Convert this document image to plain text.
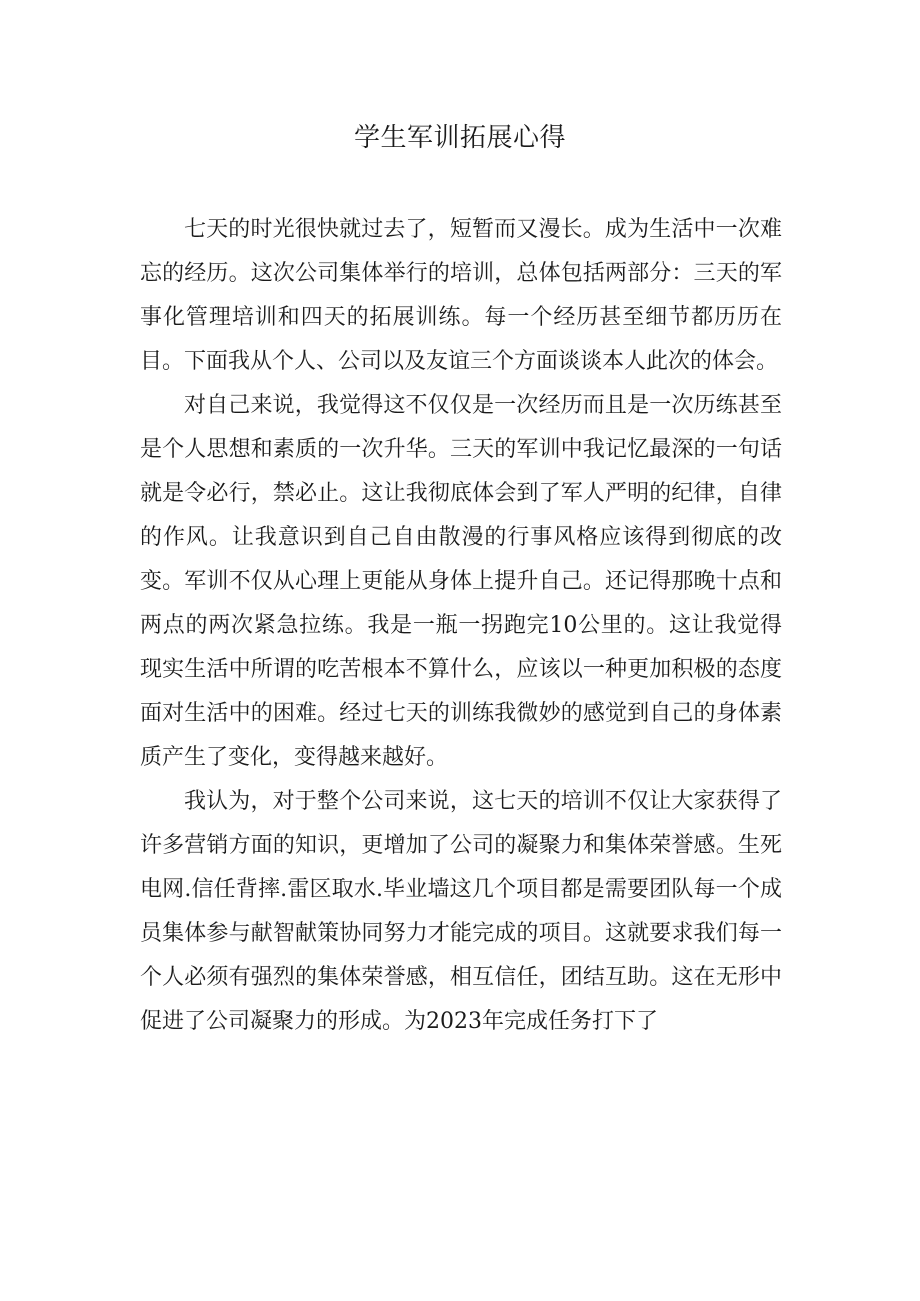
学生军训拓展心得

七天的时光很快就过去了，短暂而又漫长。成为生活中一次难忘的经历。这次公司集体举行的培训，总体包括两部分：三天的军事化管理培训和四天的拓展训练。每一个经历甚至细节都历历在目。下面我从个人、公司以及友谊三个方面谈谈本人此次的体会。

对自己来说，我觉得这不仅仅是一次经历而且是一次历练甚至是个人思想和素质的一次升华。三天的军训中我记忆最深的一句话就是令必行，禁必止。这让我彻底体会到了军人严明的纪律，自律的作风。让我意识到自己自由散漫的行事风格应该得到彻底的改变。军训不仅从心理上更能从身体上提升自己。还记得那晚十点和两点的两次紧急拉练。我是一瓶一拐跑完10公里的。这让我觉得现实生活中所谓的吃苦根本不算什么，应该以一种更加积极的态度面对生活中的困难。经过七天的训练我微妙的感觉到自己的身体素质产生了变化，变得越来越好。

我认为，对于整个公司来说，这七天的培训不仅让大家获得了许多营销方面的知识，更增加了公司的凝聚力和集体荣誉感。生死电网.信任背摔.雷区取水.毕业墙这几个项目都是需要团队每一个成员集体参与献智献策协同努力才能完成的项目。这就要求我们每一个人必须有强烈的集体荣誉感，相互信任，团结互助。这在无形中促进了公司凝聚力的形成。为2023年完成任务打下了
